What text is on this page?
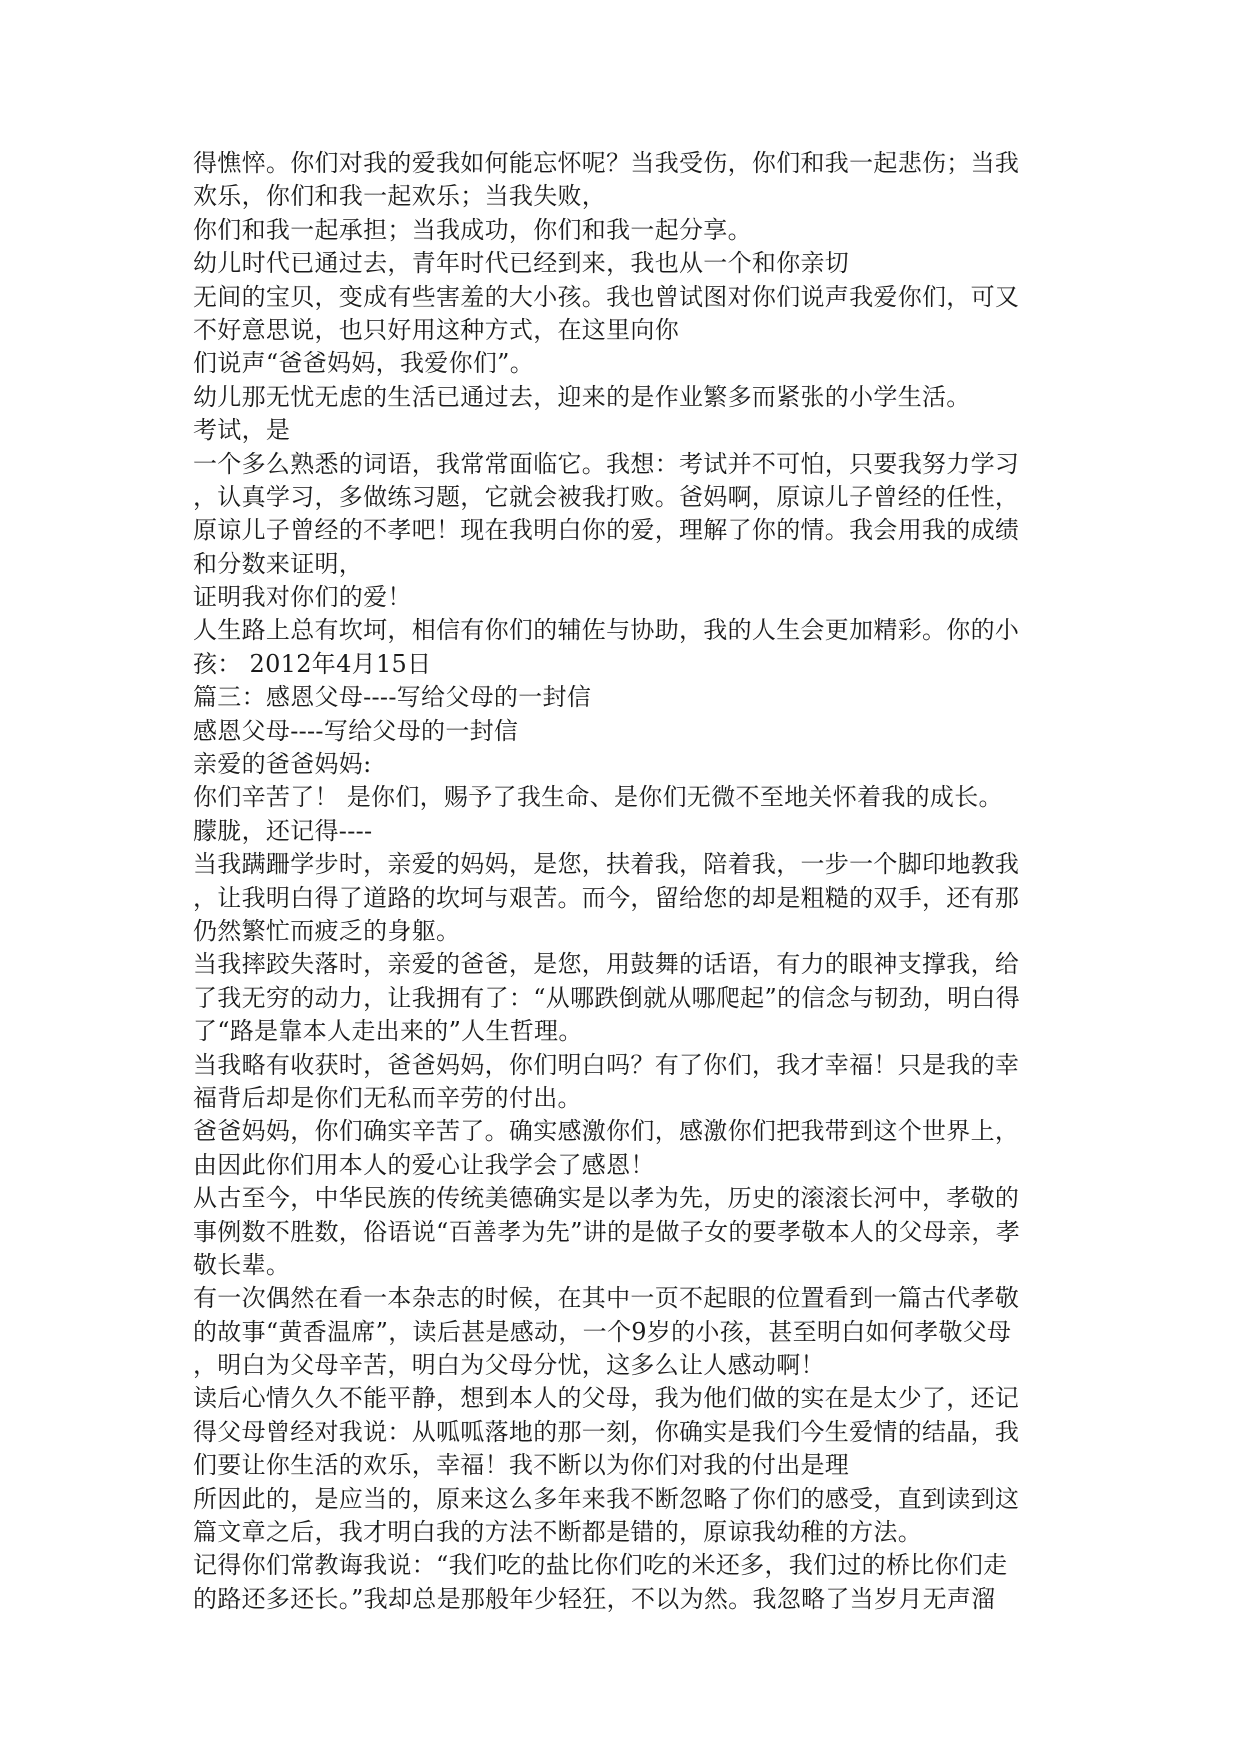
得憔悴。你们对我的爱我如何能忘怀呢？当我受伤，你们和我一起悲伤；当我
欢乐，你们和我一起欢乐；当我失败，
你们和我一起承担；当我成功，你们和我一起分享。
幼儿时代已通过去，青年时代已经到来，我也从一个和你亲切
无间的宝贝，变成有些害羞的大小孩。我也曾试图对你们说声我爱你们，可又
不好意思说，也只好用这种方式，在这里向你
们说声“爸爸妈妈，我爱你们”。
幼儿那无忧无虑的生活已通过去，迎来的是作业繁多而紧张的小学生活。
考试，是
一个多么熟悉的词语，我常常面临它。我想：考试并不可怕，只要我努力学习
，认真学习，多做练习题，它就会被我打败。爸妈啊，原谅儿子曾经的任性，
原谅儿子曾经的不孝吧！现在我明白你的爱，理解了你的情。我会用我的成绩
和分数来证明，
证明我对你们的爱！
人生路上总有坎坷，相信有你们的辅佐与协助，我的人生会更加精彩。你的小
孩： 2012年4月15日
篇三：感恩父母----写给父母的一封信
感恩父母----写给父母的一封信
亲爱的爸爸妈妈:
你们辛苦了！ 是你们，赐予了我生命、是你们无微不至地关怀着我的成长。
朦胧，还记得----
当我蹒跚学步时，亲爱的妈妈，是您，扶着我，陪着我，一步一个脚印地教我
，让我明白得了道路的坎坷与艰苦。而今，留给您的却是粗糙的双手，还有那
仍然繁忙而疲乏的身躯。
当我摔跤失落时，亲爱的爸爸，是您，用鼓舞的话语，有力的眼神支撑我，给
了我无穷的动力，让我拥有了：“从哪跌倒就从哪爬起”的信念与韧劲，明白得
了“路是靠本人走出来的”人生哲理。
当我略有收获时，爸爸妈妈，你们明白吗？有了你们，我才幸福！只是我的幸
福背后却是你们无私而辛劳的付出。
爸爸妈妈，你们确实辛苦了。确实感激你们，感激你们把我带到这个世界上，
由因此你们用本人的爱心让我学会了感恩！
从古至今，中华民族的传统美德确实是以孝为先，历史的滚滚长河中，孝敬的
事例数不胜数，俗语说“百善孝为先”讲的是做子女的要孝敬本人的父母亲，孝
敬长辈。
有一次偶然在看一本杂志的时候，在其中一页不起眼的位置看到一篇古代孝敬
的故事“黄香温席”，读后甚是感动，一个9岁的小孩，甚至明白如何孝敬父母
，明白为父母辛苦，明白为父母分忧，这多么让人感动啊！
读后心情久久不能平静，想到本人的父母，我为他们做的实在是太少了，还记
得父母曾经对我说：从呱呱落地的那一刻，你确实是我们今生爱情的结晶，我
们要让你生活的欢乐，幸福！我不断以为你们对我的付出是理
所因此的，是应当的，原来这么多年来我不断忽略了你们的感受，直到读到这
篇文章之后，我才明白我的方法不断都是错的，原谅我幼稚的方法。
记得你们常教诲我说：“我们吃的盐比你们吃的米还多，我们过的桥比你们走
的路还多还长。”我却总是那般年少轻狂，不以为然。我忽略了当岁月无声溜
